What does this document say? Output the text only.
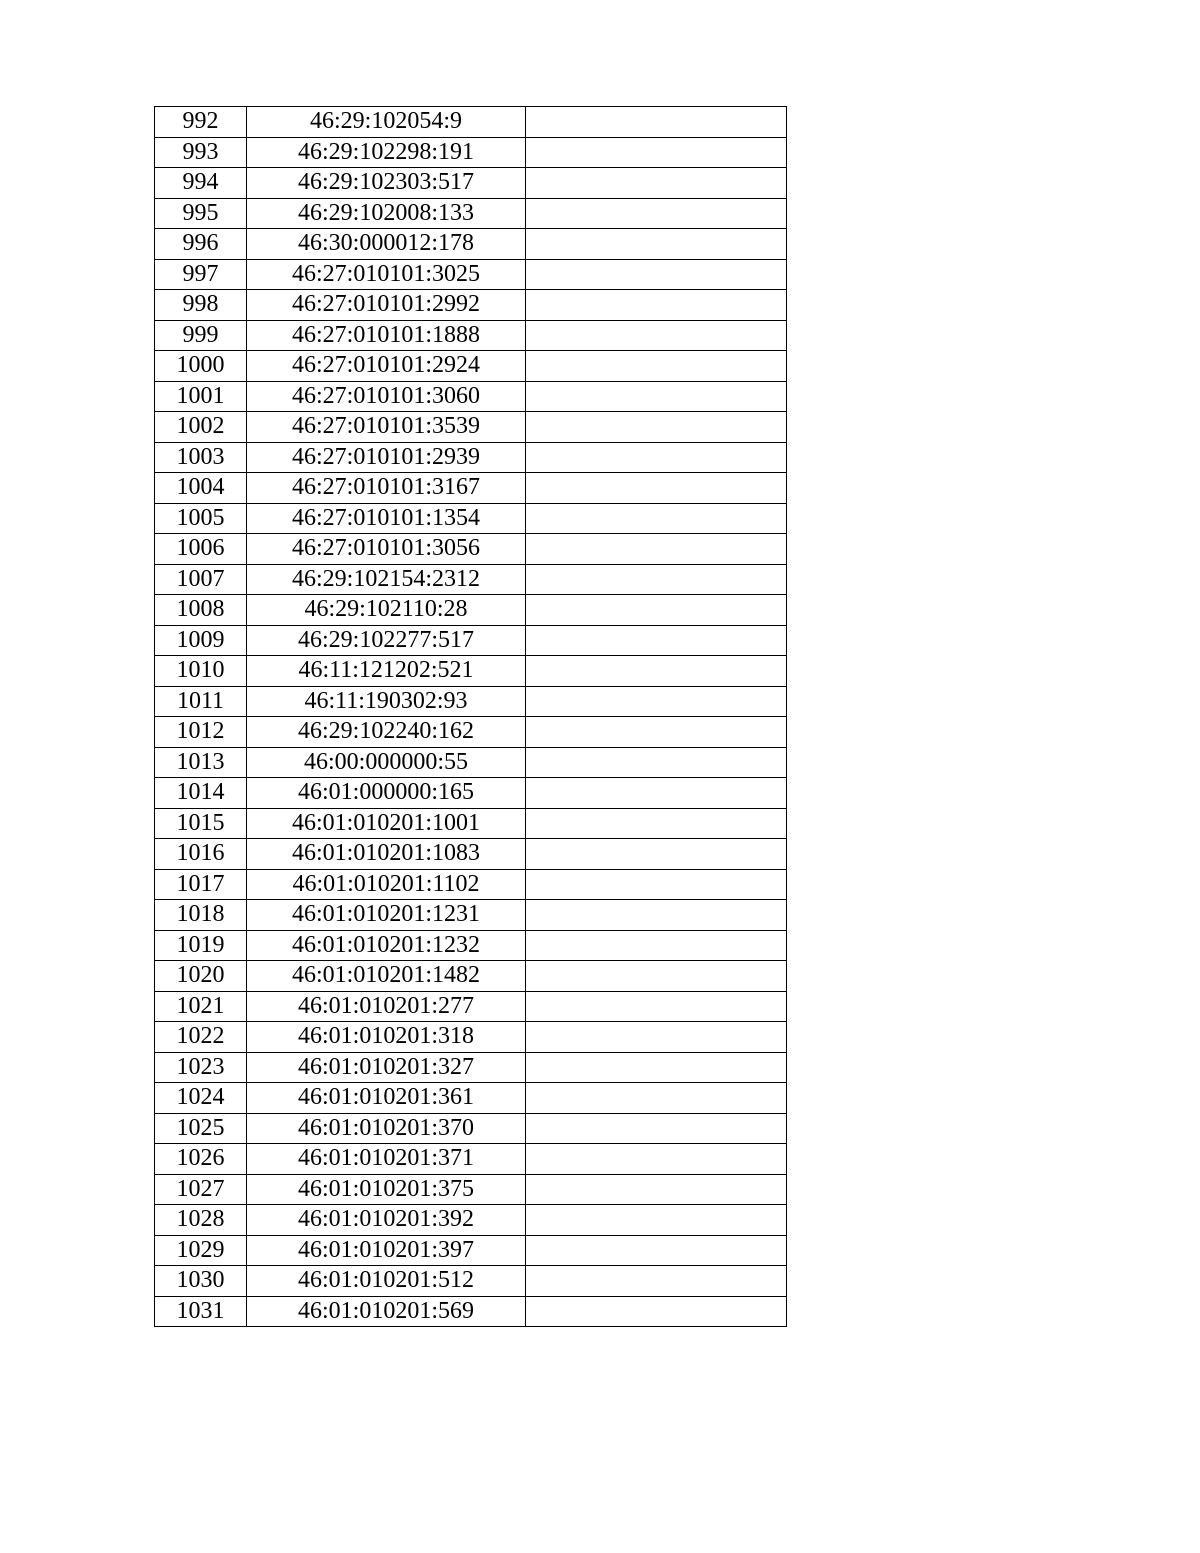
992	46:29:102054:9	
993	46:29:102298:191	
994	46:29:102303:517	
995	46:29:102008:133	
996	46:30:000012:178	
997	46:27:010101:3025	
998	46:27:010101:2992	
999	46:27:010101:1888	
1000	46:27:010101:2924	
1001	46:27:010101:3060	
1002	46:27:010101:3539	
1003	46:27:010101:2939	
1004	46:27:010101:3167	
1005	46:27:010101:1354	
1006	46:27:010101:3056	
1007	46:29:102154:2312	
1008	46:29:102110:28	
1009	46:29:102277:517	
1010	46:11:121202:521	
1011	46:11:190302:93	
1012	46:29:102240:162	
1013	46:00:000000:55	
1014	46:01:000000:165	
1015	46:01:010201:1001	
1016	46:01:010201:1083	
1017	46:01:010201:1102	
1018	46:01:010201:1231	
1019	46:01:010201:1232	
1020	46:01:010201:1482	
1021	46:01:010201:277	
1022	46:01:010201:318	
1023	46:01:010201:327	
1024	46:01:010201:361	
1025	46:01:010201:370	
1026	46:01:010201:371	
1027	46:01:010201:375	
1028	46:01:010201:392	
1029	46:01:010201:397	
1030	46:01:010201:512	
1031	46:01:010201:569	
